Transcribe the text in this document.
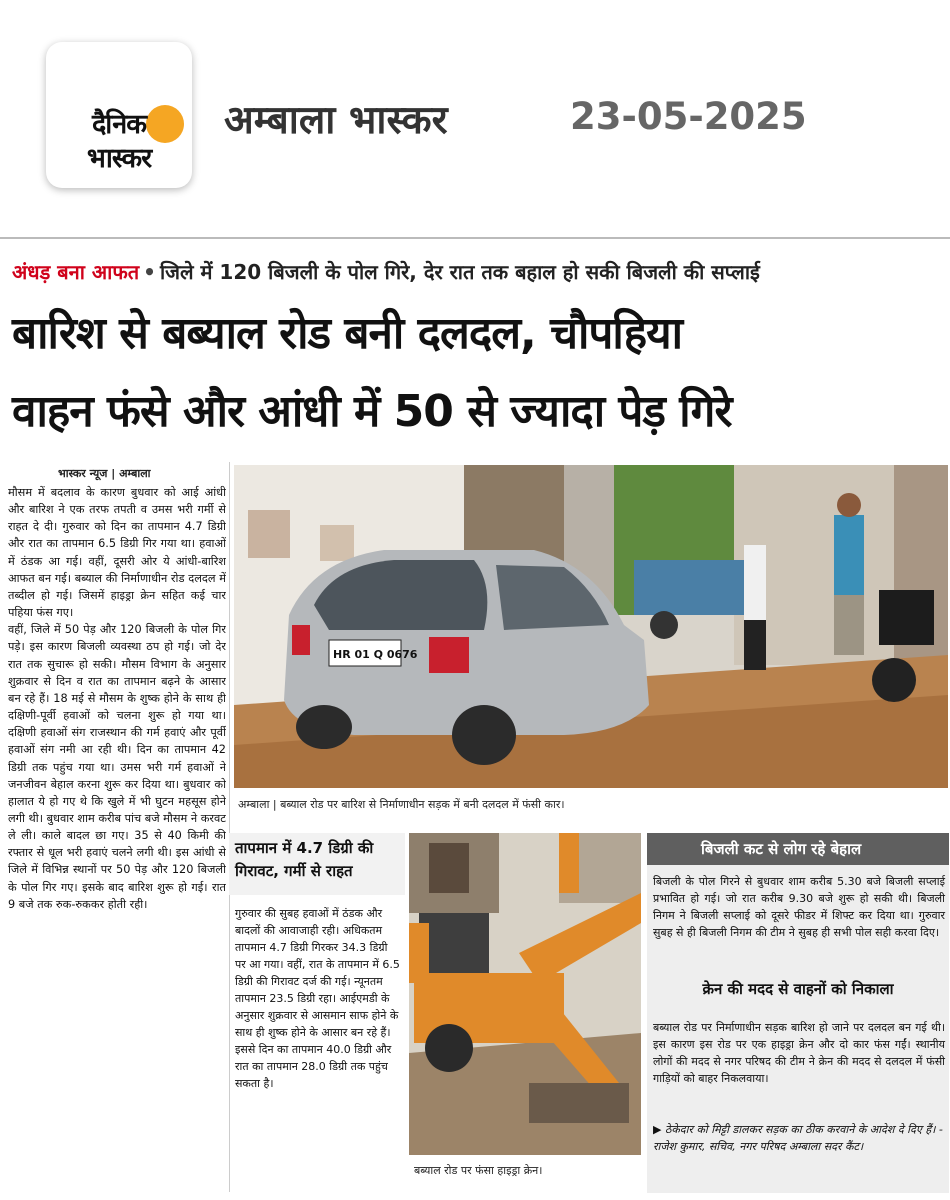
दैनिक
भास्कर
अम्बाला भास्कर	23-05-2025
अंधड़ बना आफत • जिले में 120 बिजली के पोल गिरे, देर रात तक बहाल हो सकी बिजली की सप्लाई
बारिश से बब्याल रोड बनी दलदल, चौपहिया
वाहन फंसे और आंधी में 50 से ज्यादा पेड़ गिरे
भास्कर न्यूज | अम्बाला

मौसम में बदलाव के कारण बुधवार को आई आंधी और बारिश ने एक तरफ तपती व उमस भरी गर्मी से राहत दे दी। गुरुवार को दिन का तापमान 4.7 डिग्री और रात का तापमान 6.5 डिग्री गिर गया था। हवाओं में ठंडक आ गई। वहीं, दूसरी ओर ये आंधी-बारिश आफत बन गई। बब्याल की निर्माणाधीन रोड दलदल में तब्दील हो गई। जिसमें हाइड्रा क्रेन सहित कई चार पहिया फंस गए।

वहीं, जिले में 50 पेड़ और 120 बिजली के पोल गिर पड़े। इस कारण बिजली व्यवस्था ठप हो गई। जो देर रात तक सुचारू हो सकी। मौसम विभाग के अनुसार शुक्रवार से दिन व रात का तापमान बढ़ने के आसार बन रहे हैं। 18 मई से मौसम के शुष्क होने के साथ ही दक्षिणी-पूर्वी हवाओं को चलना शुरू हो गया था। दक्षिणी हवाओं संग राजस्थान की गर्म हवाएं और पूर्वी हवाओं संग नमी आ रही थी। दिन का तापमान 42 डिग्री तक पहुंच गया था। उमस भरी गर्म हवाओं ने जनजीवन बेहाल करना शुरू कर दिया था। बुधवार को हालात ये हो गए थे कि खुले में भी घुटन महसूस होने लगी थी। बुधवार शाम करीब पांच बजे मौसम ने करवट ले ली। काले बादल छा गए। 35 से 40 किमी की रफ्तार से धूल भरी हवाएं चलने लगी थी। इस आंधी से जिले में विभिन्न स्थानों पर 50 पेड़ और 120 बिजली के पोल गिर गए। इसके बाद बारिश शुरू हो गई। रात 9 बजे तक रुक-रुककर होती रही।

HR 01 Q 0676
अम्बाला | बब्याल रोड पर बारिश से निर्माणाधीन सड़क में बनी दलदल में फंसी कार।
तापमान में 4.7 डिग्री की गिरावट, गर्मी से राहत
गुरुवार की सुबह हवाओं में ठंडक और बादलों की आवाजाही रही। अधिकतम तापमान 4.7 डिग्री गिरकर 34.3 डिग्री पर आ गया। वहीं, रात के तापमान में 6.5 डिग्री की गिरावट दर्ज की गई। न्यूनतम तापमान 23.5 डिग्री रहा। आईएमडी के अनुसार शुक्रवार से आसमान साफ होने के साथ ही शुष्क होने के आसार बन रहे हैं। इससे दिन का तापमान 40.0 डिग्री और रात का तापमान 28.0 डिग्री तक पहुंच सकता है।
बब्याल रोड पर फंसा हाइड्रा क्रेन।
बिजली कट से लोग रहे बेहाल
बिजली के पोल गिरने से बुधवार शाम करीब 5.30 बजे बिजली सप्लाई प्रभावित हो गई। जो रात करीब 9.30 बजे शुरू हो सकी थी। बिजली निगम ने बिजली सप्लाई को दूसरे फीडर में शिफ्ट कर दिया था। गुरुवार सुबह से ही बिजली निगम की टीम ने सुबह ही सभी पोल सही करवा दिए।
क्रेन की मदद से वाहनों को निकाला
बब्याल रोड पर निर्माणाधीन सड़क बारिश हो जाने पर दलदल बन गई थी। इस कारण इस रोड पर एक हाइड्रा क्रेन और दो कार फंस गईं। स्थानीय लोगों की मदद से नगर परिषद की टीम ने क्रेन की मदद से दलदल में फंसी गाड़ियों को बाहर निकलवाया।
▶ ठेकेदार को मिट्टी डालकर सड़क का ठीक करवाने के आदेश दे दिए हैं। - राजेश कुमार, सचिव, नगर परिषद अम्बाला सदर कैंट।
